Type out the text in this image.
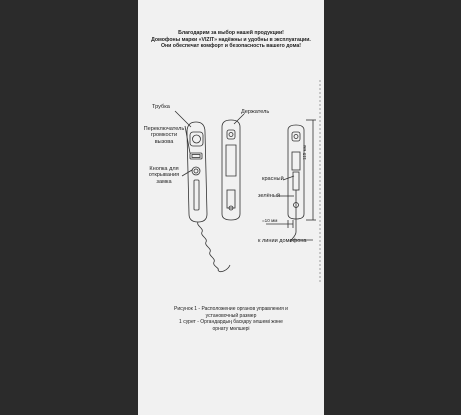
Благодарим за выбор нашей продукции!
Домофоны марки «VIZIT» надёжны и удобны в эксплуатации.
Они обеспечат комфорт и безопасность вашего дома!
Трубка
Держатель
Переключатель
громкости
вызова
Кнопка для
открывания
замка	красный
зелёный
=10 мм
115 мм
к линии домофона
Рисунок 1 - Расположение органов управления и
установочный размер
1 сурет - Органдардың басқару әлшемі және
орнату мөлшері
